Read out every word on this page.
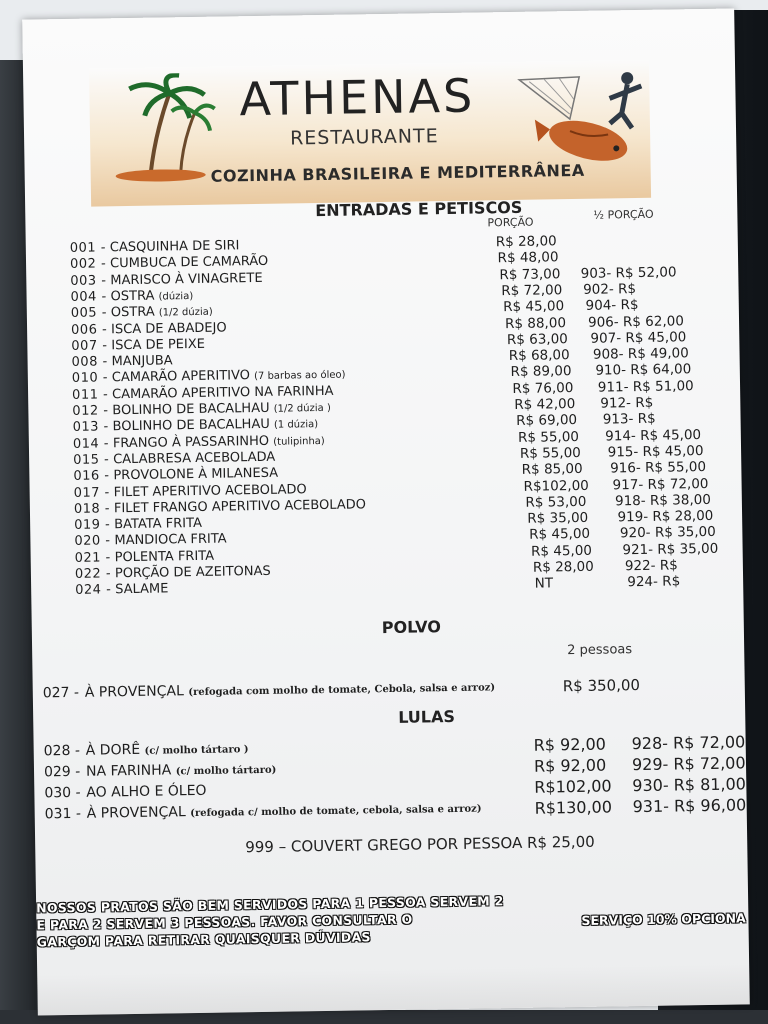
ATHENAS
RESTAURANTE
COZINHA BRASILEIRA E MEDITERRÂNEA
ENTRADAS E PETISCOS
PORÇÃO
½ PORÇÃO
001 - CASQUINHA DE SIRI	R$ 28,00
002 - CUMBUCA DE CAMARÃO	R$ 48,00
003 - MARISCO À VINAGRETE	R$ 73,00 903- R$ 52,00
004 - OSTRA (dúzia)	R$ 72,00 902- R$
005 - OSTRA (1/2 dúzia)	R$ 45,00 904- R$
006 - ISCA DE ABADEJO	R$ 88,00 906- R$ 62,00
007 - ISCA DE PEIXE	R$ 63,00 907- R$ 45,00
008 - MANJUBA	R$ 68,00 908- R$ 49,00
010 - CAMARÃO APERITIVO (7 barbas ao óleo)	R$ 89,00 910- R$ 64,00
011 - CAMARÃO APERITIVO NA FARINHA	R$ 76,00 911- R$ 51,00
012 - BOLINHO DE BACALHAU (1/2 dúzia )	R$ 42,00 912- R$
013 - BOLINHO DE BACALHAU (1 dúzia)	R$ 69,00 913- R$
014 - FRANGO À PASSARINHO (tulipinha)	R$ 55,00 914- R$ 45,00
015 - CALABRESA ACEBOLADA	R$ 55,00 915- R$ 45,00
016 - PROVOLONE À MILANESA	R$ 85,00 916- R$ 55,00
017 - FILET APERITIVO ACEBOLADO	R$102,00 917- R$ 72,00
018 - FILET FRANGO APERITIVO ACEBOLADO	R$ 53,00 918- R$ 38,00
019 - BATATA FRITA	R$ 35,00 919- R$ 28,00
020 - MANDIOCA FRITA	R$ 45,00 920- R$ 35,00
021 - POLENTA FRITA	R$ 45,00 921- R$ 35,00
022 - PORÇÃO DE AZEITONAS	R$ 28,00 922- R$
024 - SALAME	NT	924- R$
POLVO
2 pessoas
027 - À PROVENÇAL (refogada com molho de tomate, Cebola, salsa e arroz)	R$ 350,00
LULAS
028 - À DORÊ (c/ molho tártaro )	R$ 92,00 928- R$ 72,00
029 - NA FARINHA (c/ molho tártaro)	R$ 92,00 929- R$ 72,00
030 - AO ALHO E ÓLEO	R$102,00 930- R$ 81,00
031 - À PROVENÇAL (refogada c/ molho de tomate, cebola, salsa e arroz)	R$130,00 931- R$ 96,00
999 – COUVERT GREGO POR PESSOA R$ 25,00
NOSSOS PRATOS SÃO BEM SERVIDOS PARA 1 PESSOA SERVEM 2
E PARA 2 SERVEM 3 PESSOAS. FAVOR CONSULTAR O
GARÇOM PARA RETIRAR QUAISQUER DÚVIDAS
SERVIÇO 10% OPCIONA
